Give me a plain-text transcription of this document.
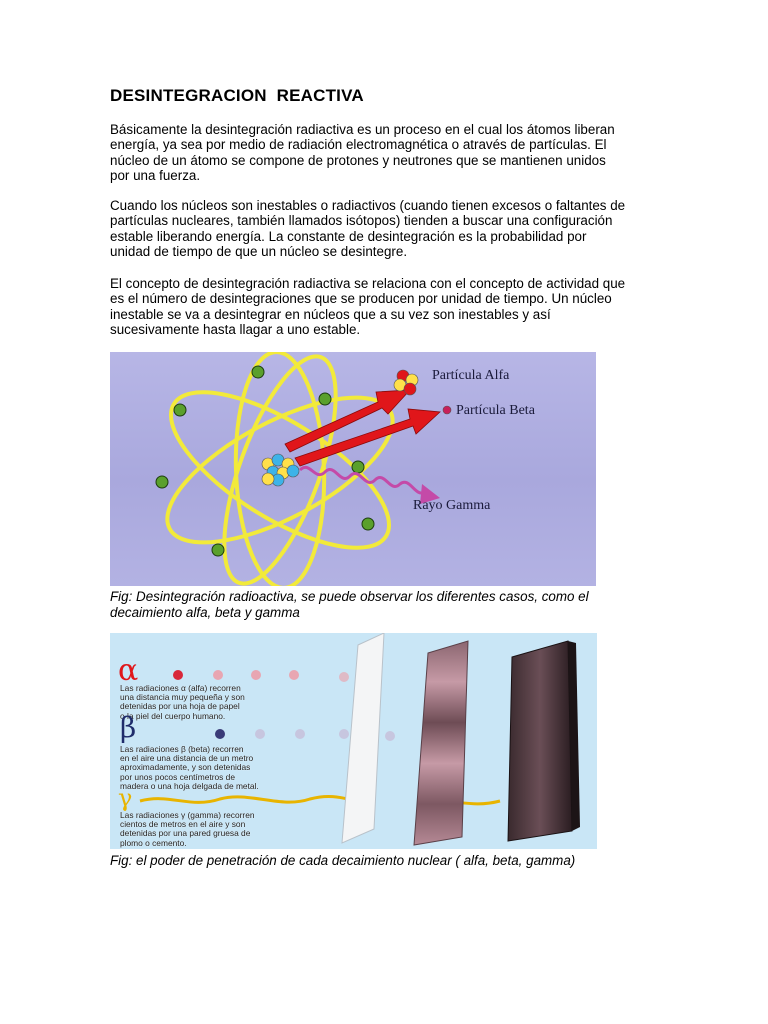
DESINTEGRACION  REACTIVA
Básicamente la desintegración radiactiva es un proceso en el cual los átomos liberan
energía, ya sea por medio de radiación electromagnética o através de partículas. El
núcleo de un átomo se compone de protones y neutrones que se mantienen unidos
por una fuerza.
Cuando los núcleos son inestables o radiactivos (cuando tienen excesos o faltantes de
partículas nucleares, también llamados isótopos) tienden a buscar una configuración
estable liberando energía. La constante de desintegración es la probabilidad por
unidad de tiempo de que un núcleo se desintegre.
El concepto de desintegración radiactiva se relaciona con el concepto de actividad que
es el número de desintegraciones que se producen por unidad de tiempo. Un núcleo
inestable se va a desintegrar en núcleos que a su vez son inestables y así
sucesivamente hasta llagar a uno estable.
Partícula Alfa
Partícula Beta
Rayo Gamma

Fig: Desintegración radioactiva, se puede observar los diferentes casos, como el
decaimiento alfa, beta y gamma

α
Las radiaciones α (alfa) recorren
una distancia muy pequeña y son
detenidas por una hoja de papel
o la piel del cuerpo humano.
β
Las radiaciones β (beta) recorren
en el aire una distancia de un metro
aproximadamente, y son detenidas
por unos pocos centímetros de
madera o una hoja delgada de metal.
γ
Las radiaciones γ (gamma) recorren
cientos de metros en el aire y son
detenidas por una pared gruesa de
plomo o cemento.

Fig: el poder de penetración de cada decaimiento nuclear ( alfa, beta, gamma)
